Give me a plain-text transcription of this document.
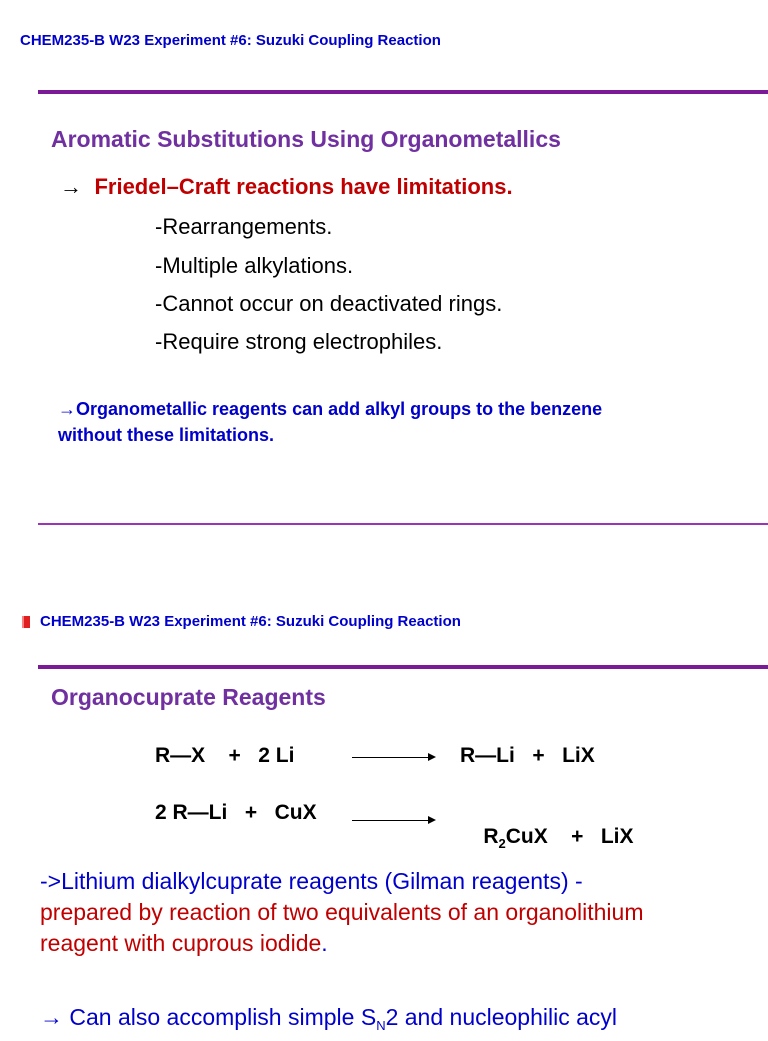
CHEM235-B W23 Experiment #6: Suzuki Coupling Reaction
Aromatic Substitutions Using Organometallics
→ Friedel–Craft reactions have limitations.
-Rearrangements.
-Multiple alkylations.
-Cannot occur on deactivated rings.
-Require strong electrophiles.
→Organometallic reagents can add alkyl groups to the benzene
without these limitations.
CHEM235-B W23 Experiment #6: Suzuki Coupling Reaction
Organocuprate Reagents
R—X    +   2 Li	R—Li   +   LiX
2 R—Li   +   CuX

$R_2CuX$    +   LiX

->Lithium dialkylcuprate reagents (Gilman reagents) -
prepared by reaction of two equivalents of an organolithium
reagent with cuprous iodide.
→ Can also accomplish simple $S_N2$ and nucleophilic acyl
